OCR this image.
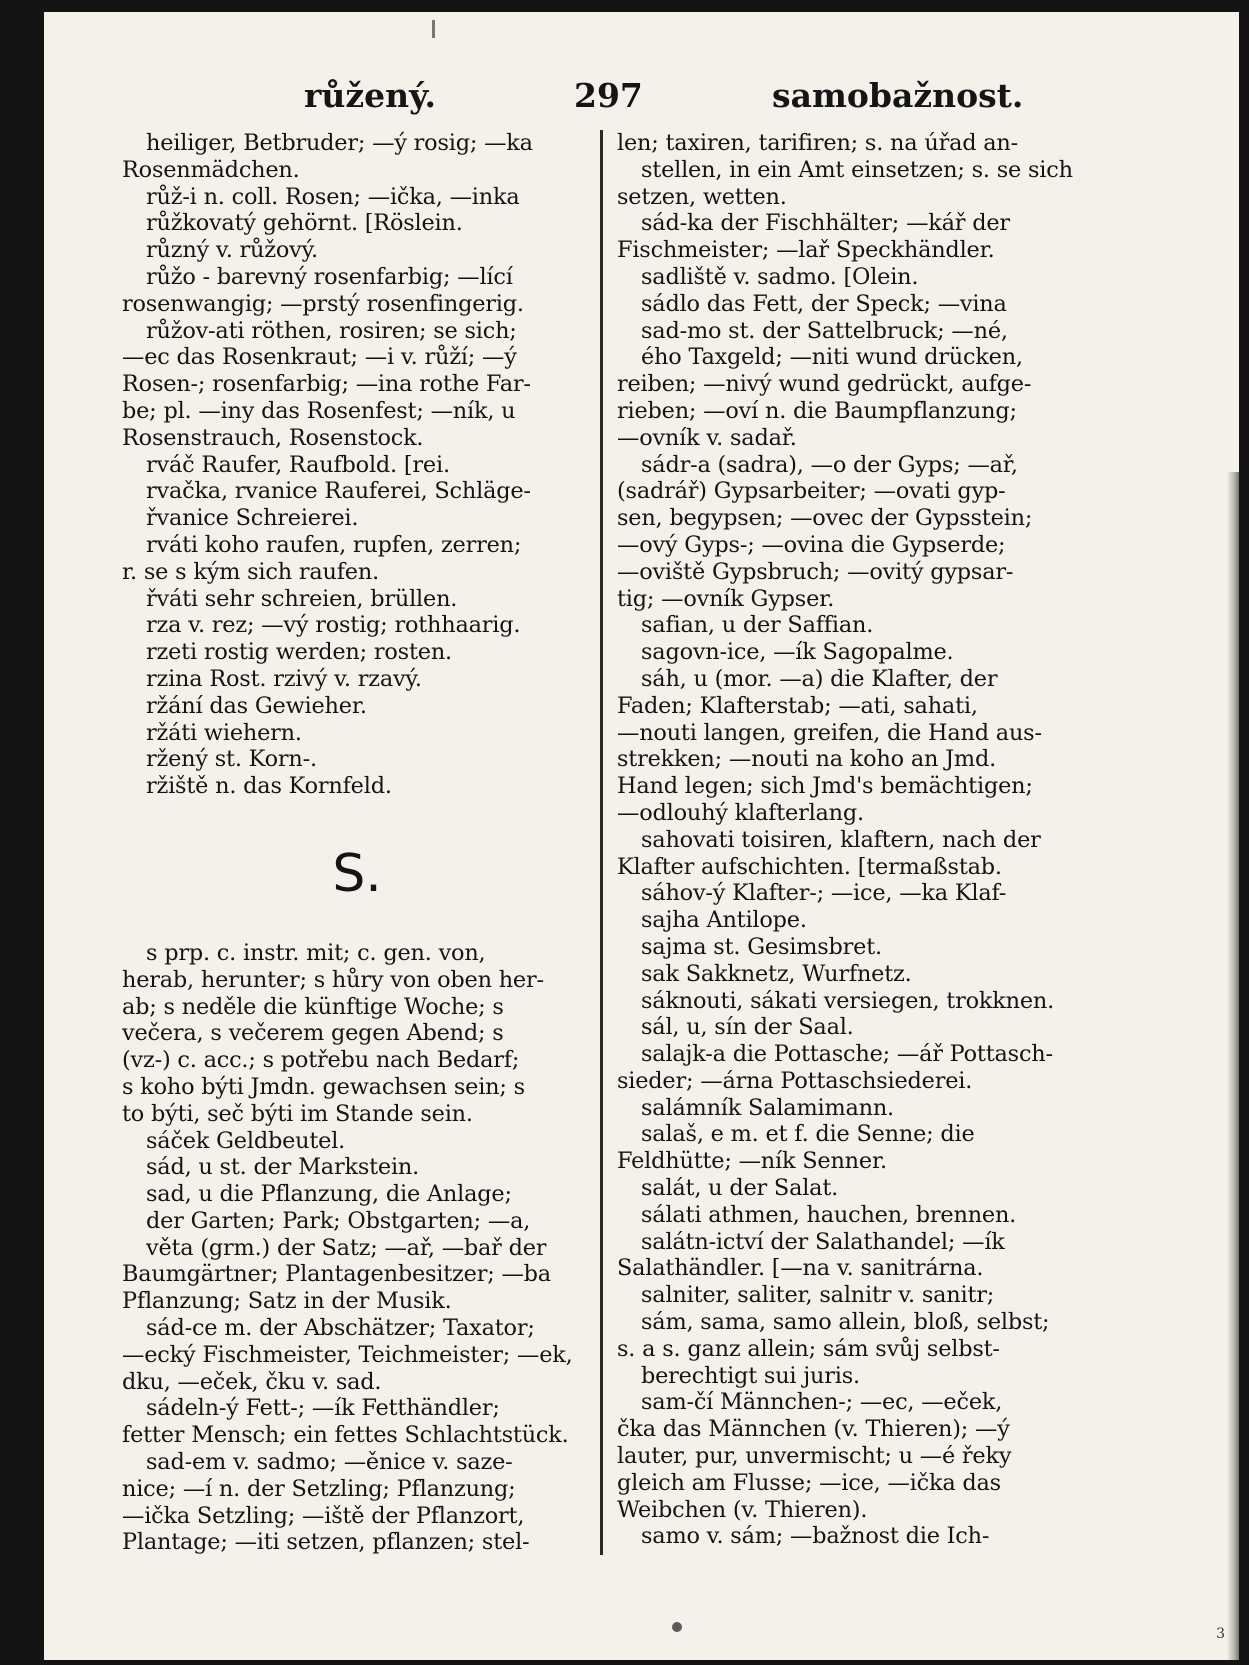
růžený.	297	samobažnost.
heiliger, Betbruder; —ý rosig; —ka
Rosenmädchen.
růž-i n. coll. Rosen; —ička, —inka
růžkovatý gehörnt. [Röslein.
různý v. růžový.
růžo - barevný rosenfarbig; —lící
rosenwangig; —prstý rosenfingerig.
růžov-ati röthen, rosiren; se sich;
—ec das Rosenkraut; —i v. růží; —ý
Rosen-; rosenfarbig; —ina rothe Far-
be; pl. —iny das Rosenfest; —ník, u
Rosenstrauch, Rosenstock.
rváč Raufer, Raufbold. [rei.
rvačka, rvanice Rauferei, Schläge-
řvanice Schreierei.
rváti koho raufen, rupfen, zerren;
r. se s kým sich raufen.
řváti sehr schreien, brüllen.
rza v. rez; —vý rostig; rothhaarig.
rzeti rostig werden; rosten.
rzina Rost. rzivý v. rzavý.
ržání das Gewieher.
ržáti wiehern.
ržený st. Korn-.
ržiště n. das Kornfeld.
S.
s prp. c. instr. mit; c. gen. von,
herab, herunter; s hůry von oben her-
ab; s neděle die künftige Woche; s
večera, s večerem gegen Abend; s
(vz-) c. acc.; s potřebu nach Bedarf;
s koho býti Jmdn. gewachsen sein; s
to býti, seč býti im Stande sein.
sáček Geldbeutel.
sád, u st. der Markstein.
sad, u die Pflanzung, die Anlage;
der Garten; Park; Obstgarten; —a,
věta (grm.) der Satz; —ař, —bař der
Baumgärtner; Plantagenbesitzer; —ba
Pflanzung; Satz in der Musik.
sád-ce m. der Abschätzer; Taxator;
—ecký Fischmeister, Teichmeister; —ek,
dku, —eček, čku v. sad.
sádeln-ý Fett-; —ík Fetthändler;
fetter Mensch; ein fettes Schlachtstück.
sad-em v. sadmo; —ěnice v. saze-
nice; —í n. der Setzling; Pflanzung;
—ička Setzling; —iště der Pflanzort,
Plantage; —iti setzen, pflanzen; stel-
len; taxiren, tarifiren; s. na úřad an-
stellen, in ein Amt einsetzen; s. se sich
setzen, wetten.
sád-ka der Fischhälter; —kář der
Fischmeister; —lař Speckhändler.
sadliště v. sadmo. [Olein.
sádlo das Fett, der Speck; —vina
sad-mo st. der Sattelbruck; —né,
ého Taxgeld; —niti wund drücken,
reiben; —nivý wund gedrückt, aufge-
rieben; —oví n. die Baumpflanzung;
—ovník v. sadař.
sádr-a (sadra), —o der Gyps; —ař,
(sadrář) Gypsarbeiter; —ovati gyp-
sen, begypsen; —ovec der Gypsstein;
—ový Gyps-; —ovina die Gypserde;
—oviště Gypsbruch; —ovitý gypsar-
tig; —ovník Gypser.
safian, u der Saffian.
sagovn-ice, —ík Sagopalme.
sáh, u (mor. —a) die Klafter, der
Faden; Klafterstab; —ati, sahati,
—nouti langen, greifen, die Hand aus-
strekken; —nouti na koho an Jmd.
Hand legen; sich Jmd's bemächtigen;
—odlouhý klafterlang.
sahovati toisiren, klaftern, nach der
Klafter aufschichten. [termaßstab.
sáhov-ý Klafter-; —ice, —ka Klaf-
sajha Antilope.
sajma st. Gesimsbret.
sak Sakknetz, Wurfnetz.
sáknouti, sákati versiegen, trokknen.
sál, u, sín der Saal.
salajk-a die Pottasche; —ář Pottasch-
sieder; —árna Pottaschsiederei.
salámník Salamimann.
salaš, e m. et f. die Senne; die
Feldhütte; —ník Senner.
salát, u der Salat.
sálati athmen, hauchen, brennen.
salátn-ictví der Salathandel; —ík
Salathändler. [—na v. sanitrárna.
salniter, saliter, salnitr v. sanitr;
sám, sama, samo allein, bloß, selbst;
s. a s. ganz allein; sám svůj selbst-
berechtigt sui juris.
sam-čí Männchen-; —ec, —eček,
čka das Männchen (v. Thieren); —ý
lauter, pur, unvermischt; u —é řeky
gleich am Flusse; —ice, —ička das
Weibchen (v. Thieren).
samo v. sám; —bažnost die Ich-
3
